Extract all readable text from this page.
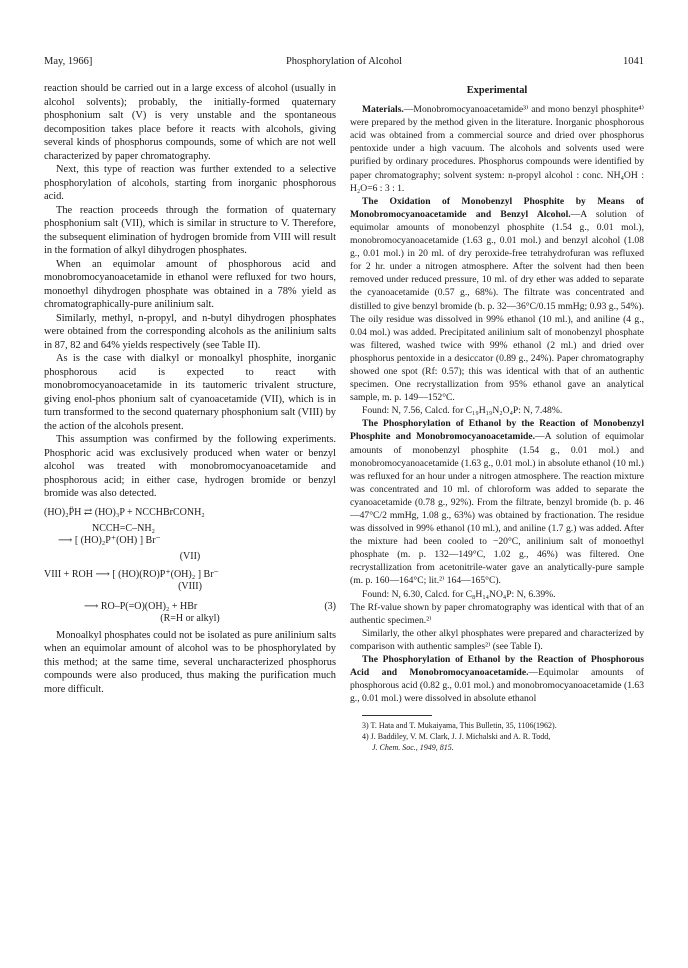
May, 1966]	Phosphorylation of Alcohol	1041

reaction should be carried out in a large excess of alcohol (usually in alcohol solvents); probably, the initially-formed quaternary phosphonium salt (V) is very unstable and the spontaneous decomposition takes place before it reacts with alcohols, giving several kinds of phosphorus compounds, some of which are not well characterized by paper chromatography.

Next, this type of reaction was further extended to a selective phosphorylation of alcohols, starting from inorganic phosphorous acid.

The reaction proceeds through the formation of quaternary phosphonium salt (VII), which is similar in structure to V. Therefore, the subsequent elimination of hydrogen bromide from VIII will result in the formation of alkyl dihydrogen phosphates.

When an equimolar amount of phosphorous acid and monobromocyanoacetamide in ethanol were refluxed for two hours, monoethyl dihydrogen phosphate was obtained in a 78% yield as chromatographically-pure anilinium salt.

Similarly, methyl, n-propyl, and n-butyl dihydrogen phosphates were obtained from the corresponding alcohols as the anilinium salts in 87, 82 and 64% yields respectively (see Table II).

As is the case with dialkyl or monoalkyl phosphite, inorganic phosphorous acid is expected to react with monobromocyanoacetamide in its tautomeric trivalent structure, giving enol-phos phonium salt of cyanoacetamide (VII), which is in turn transformed to the second quaternary phosphonium salt (VIII) by the action of the alcohols present.

This assumption was confirmed by the following experiments. Phosphoric acid was exclusively produced when water or benzyl alcohol was treated with monobromocyanoacetamide and phosphorous acid; in either case, hydrogen bromide or benzyl bromide was also detected.

(HO)₂P̈H ⇄ (HO)₃P + NCCHBrCONH₂
NCCH=C–NH₂
⟶ [ (HO)₂P⁺(OH) ] Br⁻
(VII)
VIII + ROH ⟶ [ (HO)(RO)P⁺(OH)₂ ] Br⁻
(VIII)
⟶ RO–P(=O)(OH)₂ + HBr	(3)
(R=H or alkyl)

Monoalkyl phosphates could not be isolated as pure anilinium salts when an equimolar amount of alcohol was to be phosphorylated by this method; at the same time, several uncharacterized phosphorus compounds were also produced, thus making the purification much more difficult.

Experimental

Materials.—Monobromocyanoacetamide³⁾ and mono benzyl phosphite⁴⁾ were prepared by the method given in the literature. Inorganic phosphorous acid was obtained from a commercial source and dried over phosphorus pentoxide under a high vacuum. The alcohols and solvents used were purified by ordinary procedures. Phosphorus compounds were identified by paper chromatography; solvent system: n-propyl alcohol : conc. NH₄OH : H₂O=6 : 3 : 1.

The Oxidation of Monobenzyl Phosphite by Means of Monobromocyanoacetamide and Benzyl Alcohol.—A solution of equimolar amounts of monobenzyl phosphite (1.54 g., 0.01 mol.), monobromocyanoacetamide (1.63 g., 0.01 mol.) and benzyl alcohol (1.08 g., 0.01 mol.) in 20 ml. of dry peroxide-free tetrahydrofuran was refluxed for 2 hr. under a nitrogen atmosphere. After the solvent had then been removed under reduced pressure, 10 ml. of dry ether was added to separate the cyanoacetamide (0.57 g., 68%). The filtrate was concentrated and distilled to give benzyl bromide (b. p. 32—36°C/0.15 mmHg; 0.93 g., 54%). The oily residue was dissolved in 99% ethanol (10 ml.), and aniline (4 g., 0.04 mol.) was added. Precipitated anilinium salt of monobenzyl phosphate was filtered, washed twice with 99% ethanol (2 ml.) and dried over phosphorus pentoxide in a desiccator (0.89 g., 24%). Paper chromatography showed one spot (Rf: 0.57); this was identical with that of an authentic specimen. One recrystallization from 95% ethanol gave an analytical sample, m. p. 149—152°C.

Found: N, 7.56, Calcd. for C₁₉H₁₉N₂O₄P: N, 7.48%.

The Phosphorylation of Ethanol by the Reaction of Monobenzyl Phosphite and Monobromocyanoacetamide.—A solution of equimolar amounts of monobenzyl phosphite (1.54 g., 0.01 mol.) and monobromocyanoacetamide (1.63 g., 0.01 mol.) in absolute ethanol (10 ml.) was refluxed for an hour under a nitrogen atmosphere. The reaction mixture was concentrated and 10 ml. of chloroform was added to separate the cyanoacetamide (0.78 g., 92%). From the filtrate, benzyl bromide (b. p. 46—47°C/2 mmHg, 1.08 g., 63%) was obtained by fractionation. The residue was dissolved in 99% ethanol (10 ml.), and aniline (1.7 g.) was added. After the mixture had been cooled to −20°C, anilinium salt of monoethyl phosphate (m. p. 132—149°C, 1.02 g., 46%) was filtered. One recrystallization from acetonitrile-water gave an analytically-pure sample (m. p. 160—164°C; lit.²⁾ 164—165°C).

Found: N, 6.30, Calcd. for C₈H₁₄NO₄P: N, 6.39%.

The Rf-value shown by paper chromatography was identical with that of an authentic specimen.²⁾

Similarly, the other alkyl phosphates were prepared and characterized by comparison with authentic samples²⁾ (see Table I).

The Phosphorylation of Ethanol by the Reaction of Phosphorous Acid and Monobromocyanoacetamide.—Equimolar amounts of phosphorous acid (0.82 g., 0.01 mol.) and monobromocyanoacetamide (1.63 g., 0.01 mol.) were dissolved in absolute ethanol

3) T. Hata and T. Mukaiyama, This Bulletin, 35, 1106(1962).
4) J. Baddiley, V. M. Clark, J. J. Michalski and A. R. Todd,
J. Chem. Soc., 1949, 815.
